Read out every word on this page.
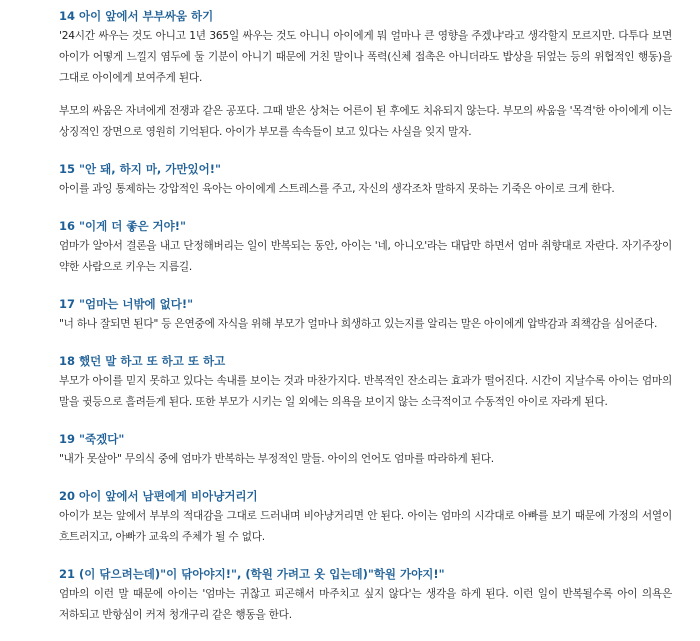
14 아이 앞에서 부부싸움 하기

'24시간 싸우는 것도 아니고 1년 365일 싸우는 것도 아니니 아이에게 뭐 얼마나 큰 영향을 주겠냐'라고 생각할지 모르지만. 다투다 보면 아이가 어떻게 느낄지 염두에 둘 기분이 아니기 때문에 거친 말이나 폭력(신체 접촉은 아니더라도 밥상을 뒤엎는 등의 위협적인 행동)을 그대로 아이에게 보여주게 된다.

부모의 싸움은 자녀에게 전쟁과 같은 공포다. 그때 받은 상처는 어른이 된 후에도 치유되지 않는다. 부모의 싸움을 '목격'한 아이에게 이는 상징적인 장면으로 영원히 기억된다. 아이가 부모를 속속들이 보고 있다는 사실을 잊지 말자.

15 "안 돼, 하지 마, 가만있어!"

아이를 과잉 통제하는 강압적인 육아는 아이에게 스트레스를 주고, 자신의 생각조차 말하지 못하는 기죽은 아이로 크게 한다.

16 "이게 더 좋은 거야!"

엄마가 알아서 결론을 내고 단정해버리는 일이 반복되는 동안, 아이는 '네, 아니오'라는 대답만 하면서 엄마 취향대로 자란다. 자기주장이 약한 사람으로 키우는 지름길.

17 "엄마는 너밖에 없다!"

"너 하나 잘되면 된다" 등 은연중에 자식을 위해 부모가 얼마나 희생하고 있는지를 알리는 말은 아이에게 압박감과 죄책감을 심어준다.

18 했던 말 하고 또 하고 또 하고

부모가 아이를 믿지 못하고 있다는 속내를 보이는 것과 마찬가지다. 반복적인 잔소리는 효과가 떨어진다. 시간이 지날수록 아이는 엄마의 말을 귓등으로 흘려듣게 된다. 또한 부모가 시키는 일 외에는 의욕을 보이지 않는 소극적이고 수동적인 아이로 자라게 된다.

19 "죽겠다"

"내가 못살아" 무의식 중에 엄마가 반복하는 부정적인 말들. 아이의 언어도 엄마를 따라하게 된다.

20 아이 앞에서 남편에게 비아냥거리기

아이가 보는 앞에서 부부의 적대감을 그대로 드러내며 비아냥거리면 안 된다. 아이는 엄마의 시각대로 아빠를 보기 때문에 가정의 서열이 흐트러지고, 아빠가 교육의 주체가 될 수 없다.

21 (이 닦으려는데)"이 닦아야지!", (학원 가려고 옷 입는데)"학원 가야지!"

엄마의 이런 말 때문에 아이는 '엄마는 귀찮고 피곤해서 마주치고 싶지 않다'는 생각을 하게 된다. 이런 일이 반복될수록 아이 의욕은 저하되고 반항심이 커져 청개구리 같은 행동을 한다.
